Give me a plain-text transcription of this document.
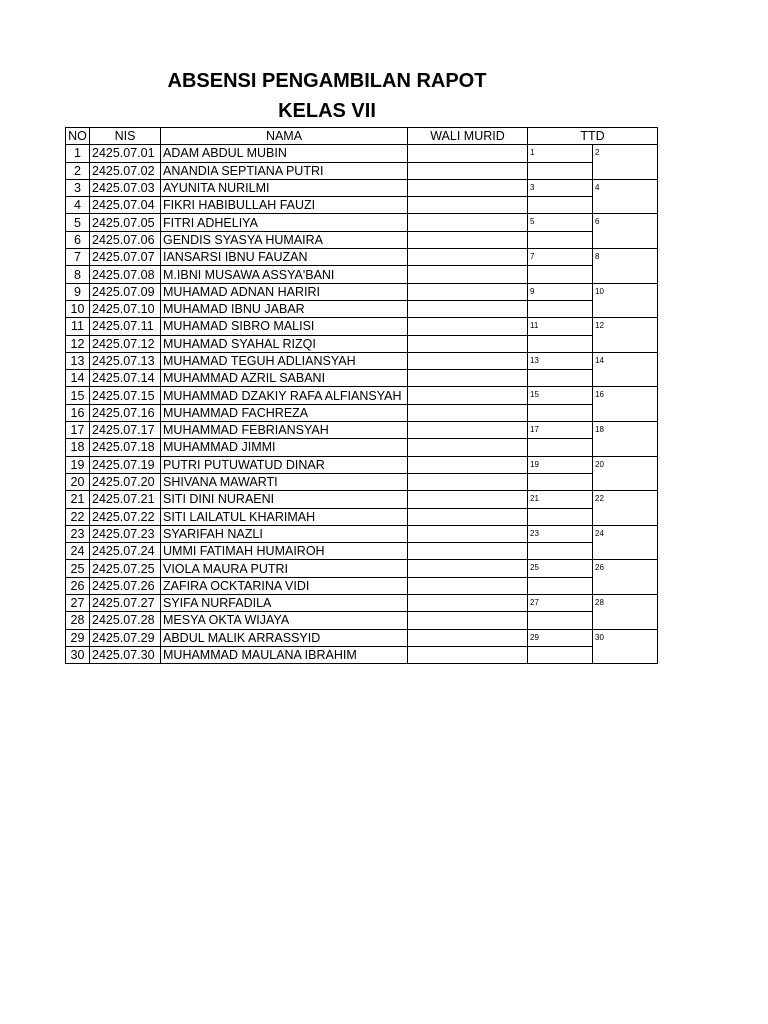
ABSENSI PENGAMBILAN RAPOT
KELAS VII
NO	NIS	NAMA	WALI MURID	TTD	
1	2425.07.01	ADAM ABDUL MUBIN		1	2
2	2425.07.02	ANANDIA SEPTIANA PUTRI			
3	2425.07.03	AYUNITA NURILMI		3	4
4	2425.07.04	FIKRI HABIBULLAH FAUZI			
5	2425.07.05	FITRI ADHELIYA		5	6
6	2425.07.06	GENDIS SYASYA HUMAIRA			
7	2425.07.07	IANSARSI IBNU FAUZAN		7	8
8	2425.07.08	M.IBNI MUSAWA ASSYA'BANI			
9	2425.07.09	MUHAMAD ADNAN HARIRI		9	10
10	2425.07.10	MUHAMAD IBNU JABAR			
11	2425.07.11	MUHAMAD SIBRO MALISI		11	12
12	2425.07.12	MUHAMAD SYAHAL RIZQI			
13	2425.07.13	MUHAMAD TEGUH ADLIANSYAH		13	14
14	2425.07.14	MUHAMMAD AZRIL SABANI			
15	2425.07.15	MUHAMMAD DZAKIY RAFA ALFIANSYAH		15	16
16	2425.07.16	MUHAMMAD FACHREZA			
17	2425.07.17	MUHAMMAD FEBRIANSYAH		17	18
18	2425.07.18	MUHAMMAD JIMMI			
19	2425.07.19	PUTRI PUTUWATUD DINAR		19	20
20	2425.07.20	SHIVANA MAWARTI			
21	2425.07.21	SITI DINI NURAENI		21	22
22	2425.07.22	SITI LAILATUL KHARIMAH			
23	2425.07.23	SYARIFAH NAZLI		23	24
24	2425.07.24	UMMI FATIMAH HUMAIROH			
25	2425.07.25	VIOLA MAURA PUTRI		25	26
26	2425.07.26	ZAFIRA OCKTARINA VIDI			
27	2425.07.27	SYIFA NURFADILA		27	28
28	2425.07.28	MESYA OKTA WIJAYA			
29	2425.07.29	ABDUL MALIK ARRASSYID		29	30
30	2425.07.30	MUHAMMAD MAULANA IBRAHIM			
